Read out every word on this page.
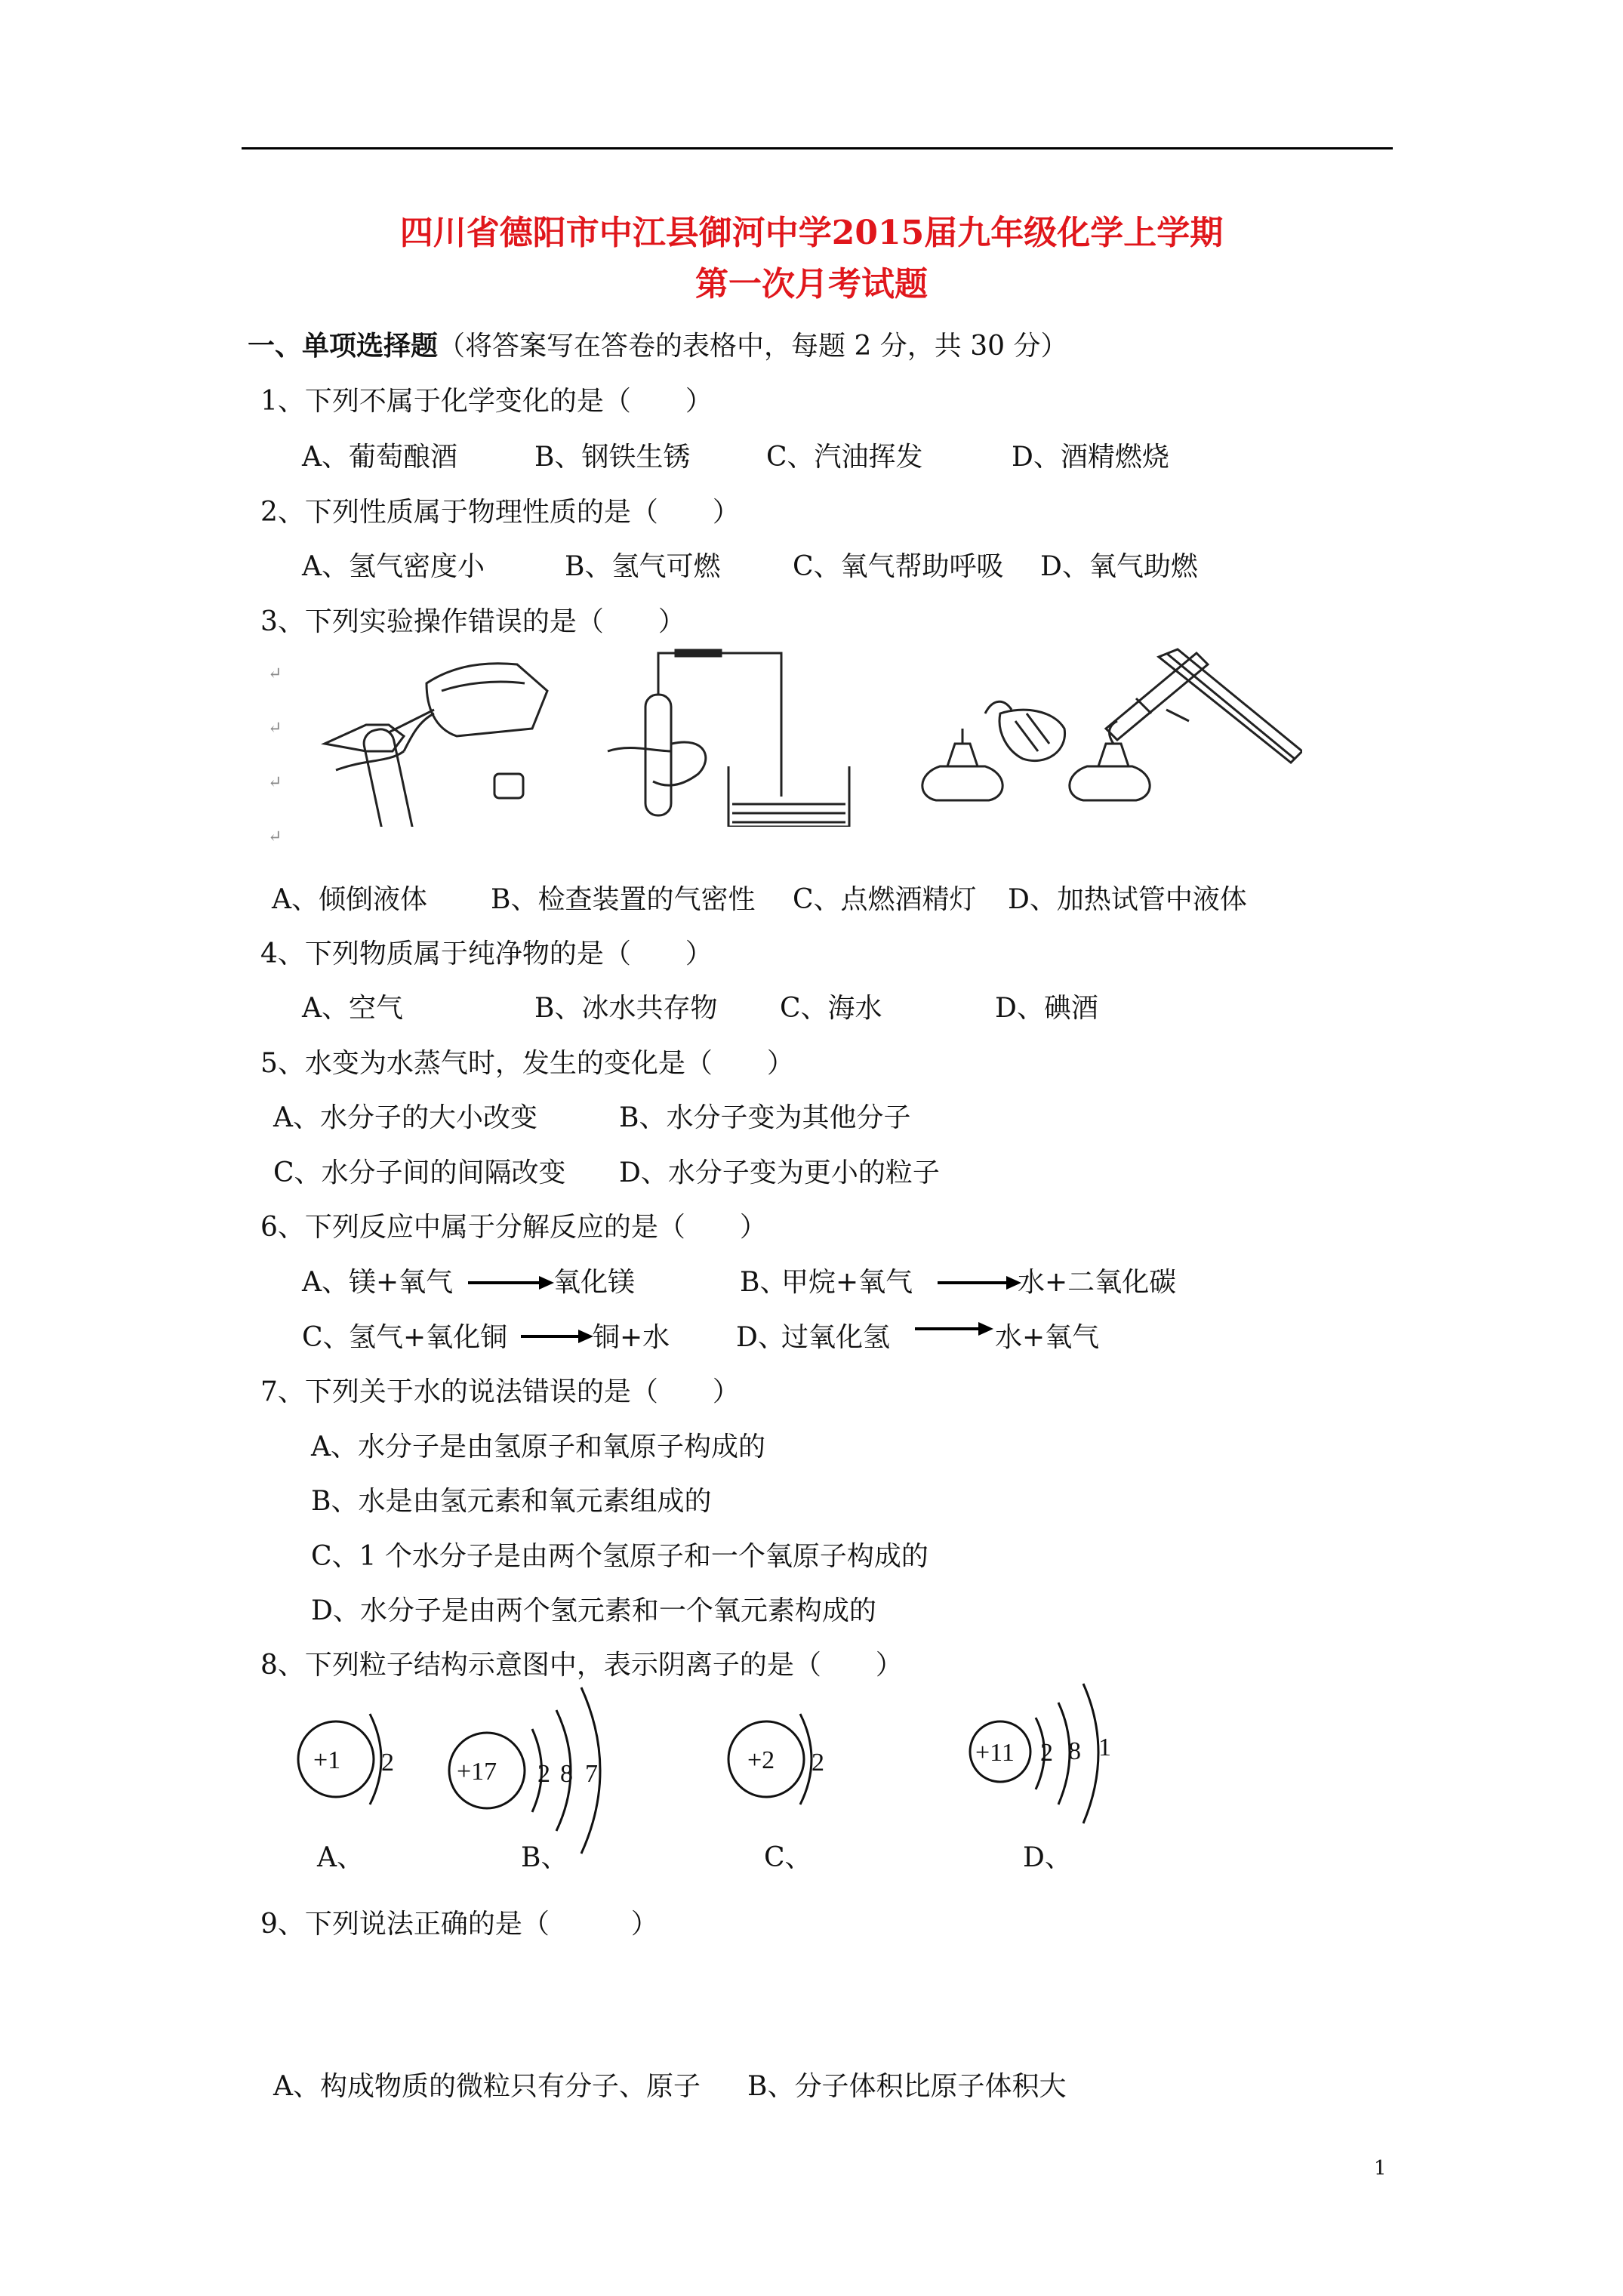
四川省德阳市中江县御河中学2015届九年级化学上学期
第一次月考试题
一、单项选择题（将答案写在答卷的表格中，每题 2 分，共 30 分）
1、下列不属于化学变化的是（　　）
A、葡萄酿酒	B、钢铁生锈	C、汽油挥发	D、酒精燃烧
2、下列性质属于物理性质的是（　　）
A、氢气密度小	B、氢气可燃	C、氧气帮助呼吸 D、氧气助燃
3、下列实验操作错误的是（　　）
↵
↵
↵
↵
A、倾倒液体 B、检查装置的气密性 C、点燃酒精灯 D、加热试管中液体
4、下列物质属于纯净物的是（　　）
A、空气	B、冰水共存物 C、海水	D、碘酒
5、水变为水蒸气时，发生的变化是（　　）
A、水分子的大小改变	B、水分子变为其他分子
C、水分子间的间隔改变 D、水分子变为更小的粒子
6、下列反应中属于分解反应的是（　　）
A、 镁+氧气	氧化镁	B、
甲烷+氧气	水+二氧化碳
C、
氢气+氧化铜	铜+水 D、
过氧化氢	水+氧气
7、下列关于水的说法错误的是（　　）
A、水分子是由氢原子和氧原子构成的
B、水是由氢元素和氧元素组成的
C、1 个水分子是由两个氢原子和一个氧原子构成的
D、水分子是由两个氢元素和一个氧元素构成的
8、下列粒子结构示意图中，表示阴离子的是（　　）
+1 2 +17 2 8 7	+2 2	+11 2 8 1
A、	B、	C、	D、
9、下列说法正确的是（　　　）
A、构成物质的微粒只有分子、原子 B、分子体积比原子体积大
1
